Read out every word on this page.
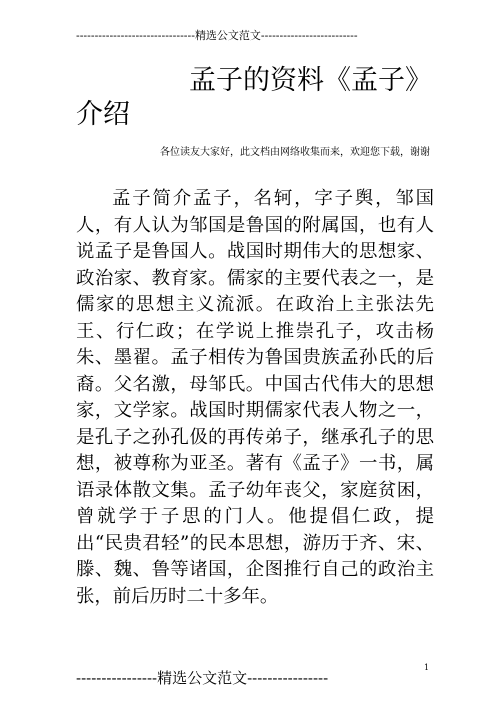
--------------------------------精选公文范文--------------------------
孟子的资料《孟子》
介绍
各位读友大家好，此文档由网络收集而来，欢迎您下载，谢谢

孟子简介孟子，名轲，字子舆，邹国人，有人认为邹国是鲁国的附属国，也有人说孟子是鲁国人。战国时期伟大的思想家、政治家、教育家。儒家的主要代表之一，是儒家的思想主义流派。在政治上主张法先王、行仁政；在学说上推崇孔子，攻击杨朱、墨翟。孟子相传为鲁国贵族孟孙氏的后裔。父名激，母邹氏。中国古代伟大的思想家，文学家。战国时期儒家代表人物之一，是孔子之孙孔伋的再传弟子，继承孔子的思想，被尊称为亚圣。著有《孟子》一书，属语录体散文集。孟子幼年丧父，家庭贫困，曾就学于子思的门人。他提倡仁政，提出“民贵君轻”的民本思想，游历于齐、宋、滕、魏、鲁等诸国，企图推行自己的政治主张，前后历时二十多年。

1
----------------精选公文范文----------------
